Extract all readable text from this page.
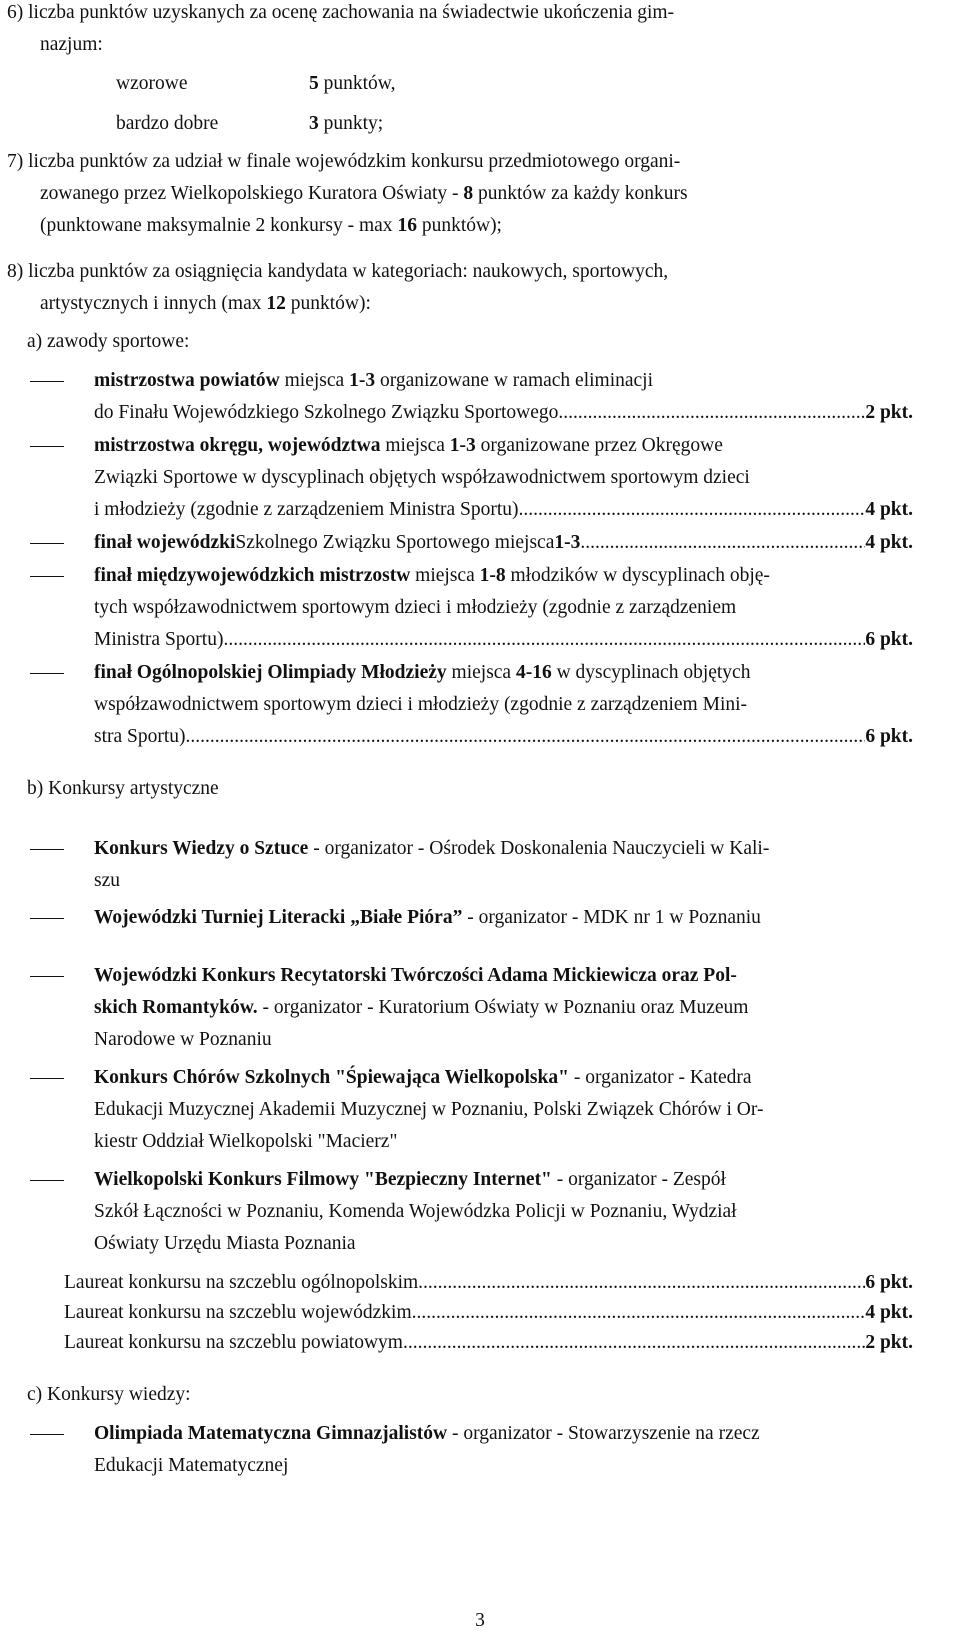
6) liczba punktów uzyskanych za ocenę zachowania na świadectwie ukończenia gim-
nazjum:
wzorowe	5 punktów,
bardzo dobre	3 punkty;
7) liczba punktów za udział w finale wojewódzkim konkursu przedmiotowego organi-
zowanego przez Wielkopolskiego Kuratora Oświaty - 8 punktów za każdy konkurs
(punktowane maksymalnie 2 konkursy - max 16 punktów);
8) liczba punktów za osiągnięcia kandydata w kategoriach: naukowych, sportowych,
artystycznych i innych (max 12 punktów):
a) zawody sportowe:
mistrzostwa powiatów miejsca 1-3 organizowane w ramach eliminacji
do Finału Wojewódzkiego Szkolnego Związku Sportowego .....	2 pkt.
mistrzostwa okręgu, województwa miejsca 1-3 organizowane przez Okręgowe
Związki Sportowe w dyscyplinach objętych współzawodnictwem sportowym dzieci
i młodzieży (zgodnie z zarządzeniem Ministra Sportu) .....	4 pkt.
finał wojewódzki Szkolnego Związku Sportowego miejsca 1-3 .....	4 pkt.
finał międzywojewódzkich mistrzostw miejsca 1-8 młodzików w dyscyplinach obję-
tych współzawodnictwem sportowym dzieci i młodzieży (zgodnie z zarządzeniem
Ministra Sportu) .....	6 pkt.
finał Ogólnopolskiej Olimpiady Młodzieży miejsca 4-16 w dyscyplinach objętych
współzawodnictwem sportowym dzieci i młodzieży (zgodnie z zarządzeniem Mini-
stra Sportu) .....	6 pkt.
b) Konkursy artystyczne
Konkurs Wiedzy o Sztuce - organizator - Ośrodek Doskonalenia Nauczycieli w Kali-
szu
Wojewódzki Turniej Literacki „Białe Pióra” - organizator - MDK nr 1 w Poznaniu
Wojewódzki Konkurs Recytatorski Twórczości Adama Mickiewicza oraz Pol-
skich Romantyków. - organizator - Kuratorium Oświaty w Poznaniu oraz Muzeum
Narodowe w Poznaniu
Konkurs Chórów Szkolnych "Śpiewająca Wielkopolska" - organizator - Katedra
Edukacji Muzycznej Akademii Muzycznej w Poznaniu, Polski Związek Chórów i Or-
kiestr Oddział Wielkopolski "Macierz"
Wielkopolski Konkurs Filmowy "Bezpieczny Internet" - organizator - Zespół
Szkół Łączności w Poznaniu, Komenda Wojewódzka Policji w Poznaniu, Wydział
Oświaty Urzędu Miasta Poznania
Laureat konkursu na szczeblu ogólnopolskim .....	6 pkt.
Laureat konkursu na szczeblu wojewódzkim .....	4 pkt.
Laureat konkursu na szczeblu powiatowym .....	2 pkt.
c) Konkursy wiedzy:
Olimpiada Matematyczna Gimnazjalistów - organizator - Stowarzyszenie na rzecz
Edukacji Matematycznej
3
